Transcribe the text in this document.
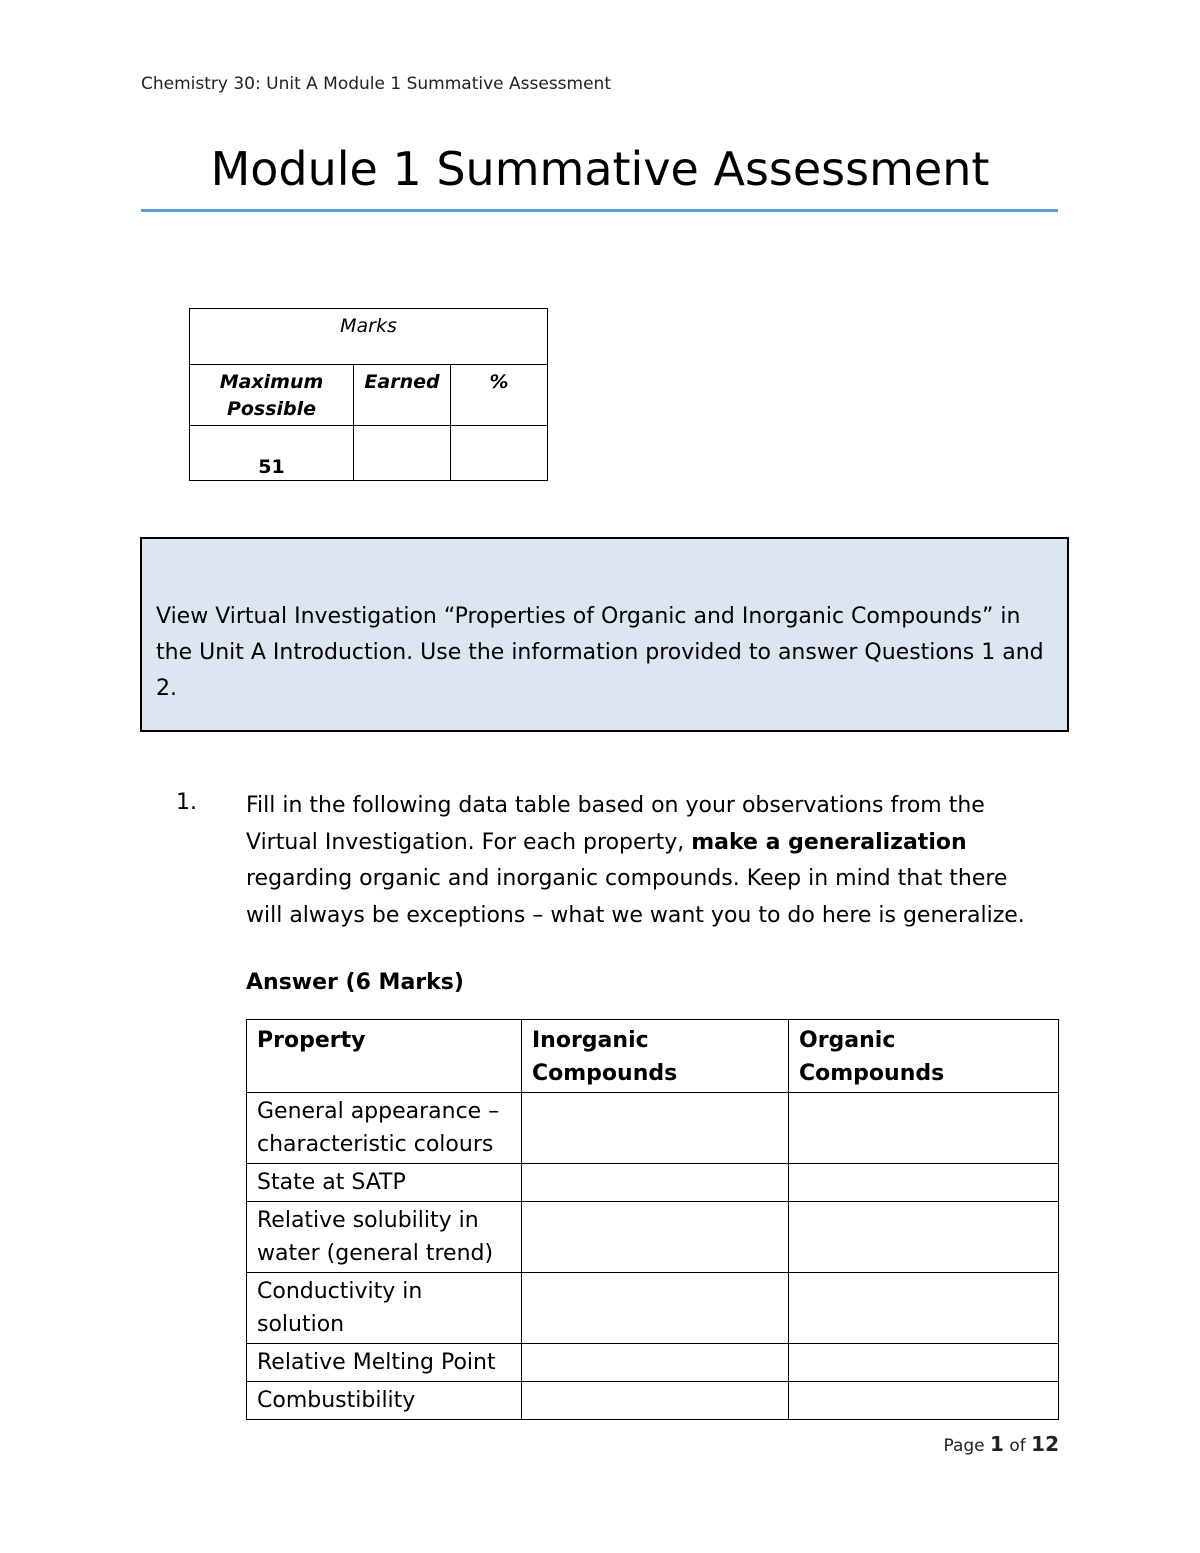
Chemistry 30: Unit A Module 1 Summative Assessment
Module 1 Summative Assessment
Marks		
Maximum Possible	Earned	%
51		

View Virtual Investigation “Properties of Organic and Inorganic Compounds” in the Unit A Introduction. Use the information provided to answer Questions 1 and 2.

1. Fill in the following data table based on your observations from the Virtual Investigation. For each property, make a generalization regarding organic and inorganic compounds. Keep in mind that there will always be exceptions – what we want you to do here is generalize.

Answer (6 Marks)
Property	Inorganic Compounds	Organic Compounds
General appearance – characteristic colours		
State at SATP		
Relative solubility in water (general trend)		
Conductivity in solution		
Relative Melting Point		
Combustibility		
Page 1 of 12
